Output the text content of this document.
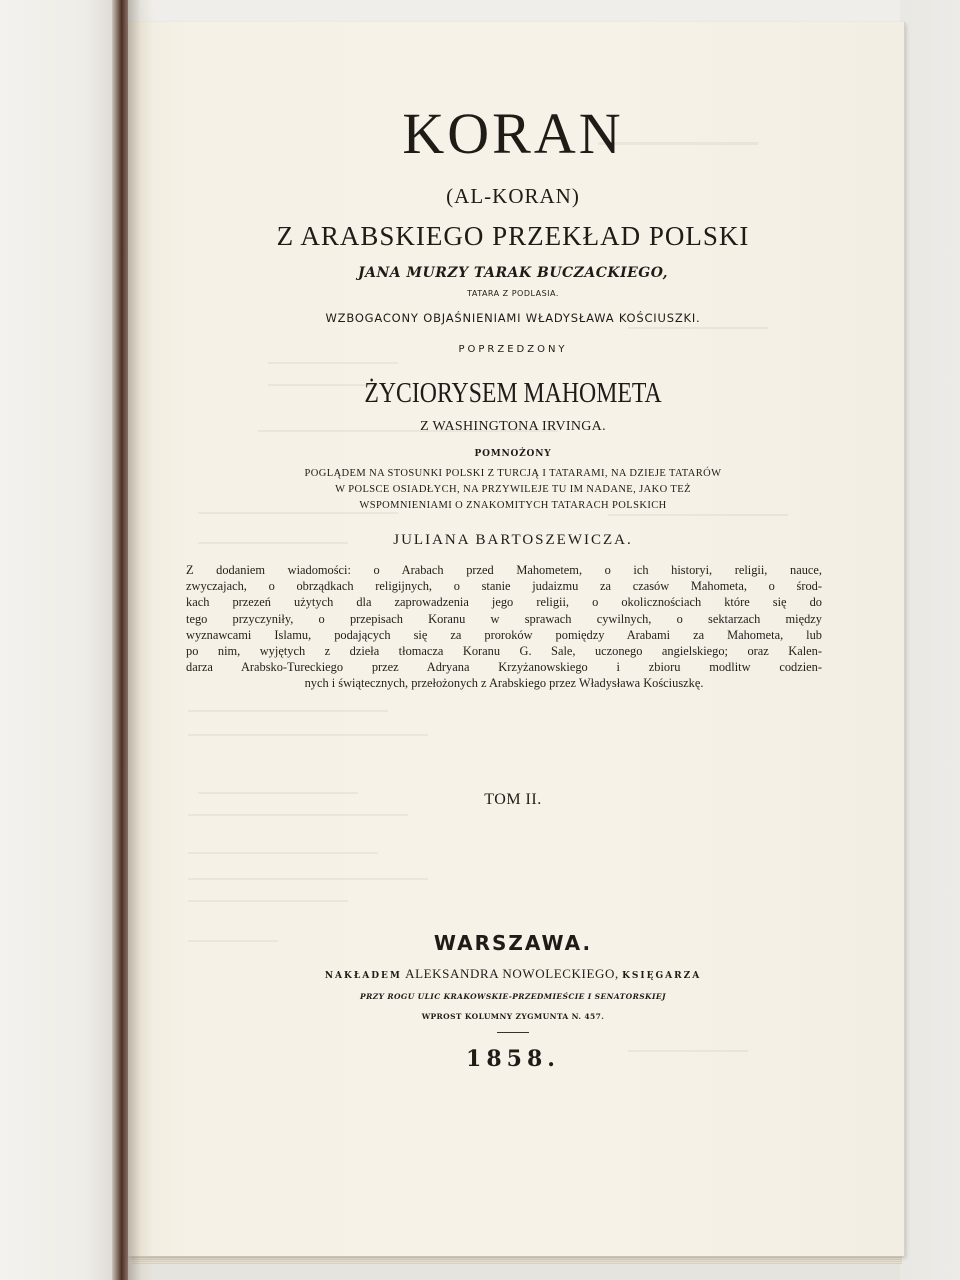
KORAN

(AL-KORAN)

Z ARABSKIEGO PRZEKŁAD POLSKI

JANA MURZY TARAK BUCZACKIEGO,

TATARA Z PODLASIA.

WZBOGACONY OBJAŚNIENIAMI WŁADYSŁAWA KOŚCIUSZKI.

POPRZEDZONY

ŻYCIORYSEM MAHOMETA

Z WASHINGTONA IRVINGA.

POMNOŻONY

POGLĄDEM NA STOSUNKI POLSKI Z TURCJĄ I TATARAMI, NA DZIEJE TATARÓW
W POLSCE OSIADŁYCH, NA PRZYWILEJE TU IM NADANE, JAKO TEŻ
WSPOMNIENIAMI O ZNAKOMITYCH TATARACH POLSKICH

JULIANA BARTOSZEWICZA.

Z dodaniem wiadomości: o Arabach przed Mahometem, o ich historyi, religii, nauce,
zwyczajach, o obrządkach religijnych, o stanie judaizmu za czasów Mahometa, o środ-
kach przezeń użytych dla zaprowadzenia jego religii, o okolicznościach które się do
tego przyczyniły, o przepisach Koranu w sprawach cywilnych, o sektarzach między
wyznawcami Islamu, podających się za proroków pomiędzy Arabami za Mahometa, lub
po nim, wyjętych z dzieła tłomacza Koranu G. Sale, uczonego angielskiego; oraz Kalen-
darza Arabsko-Tureckiego przez Adryana Krzyżanowskiego i zbioru modlitw codzien-
nych i świątecznych, przełożonych z Arabskiego przez Władysława Kościuszkę.

TOM II.

WARSZAWA.

NAKŁADEM ALEKSANDRA NOWOLECKIEGO, KSIĘGARZA

PRZY ROGU ULIC KRAKOWSKIE-PRZEDMIEŚCIE I SENATORSKIEJ

WPROST KOLUMNY ZYGMUNTA N. 457.

1858.
